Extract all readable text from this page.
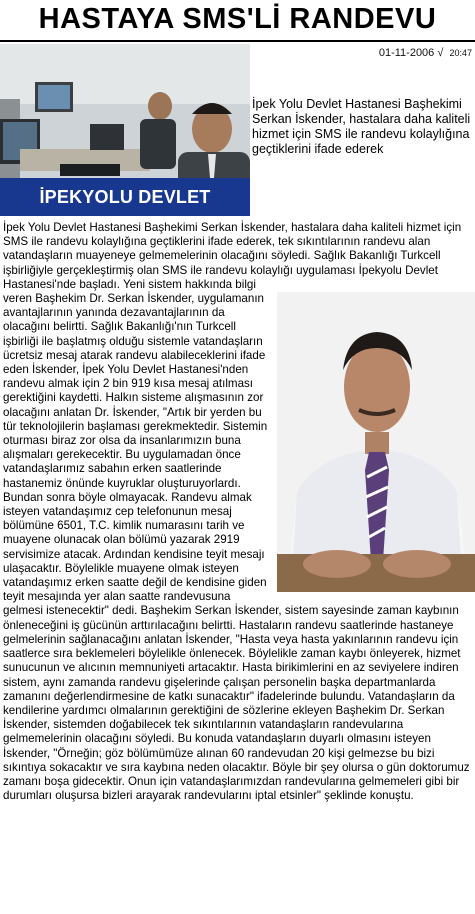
HASTAYA SMS'Lİ RANDEVU
İPEKYOLU DEVLET
01-11-2006 √ 20:47
İpek Yolu Devlet Hastanesi Başhekimi Serkan İskender, hastalara daha kaliteli hizmet için SMS ile randevu kolaylığına geçtiklerini ifade ederek

İpek Yolu Devlet Hastanesi Başhekimi Serkan İskender, hastalara daha kaliteli hizmet için SMS ile randevu kolaylığına geçtiklerini ifade ederek, tek sıkıntılarının randevu alan vatandaşların muayeneye gelmemelerinin olacağını söyledi. Sağlık Bakanlığı Turkcell işbirliğiyle gerçekleştirmiş olan SMS ile randevu kolaylığı uygulaması İpekyolu Devlet Hastanesi'nde başladı. Yeni sistem hakkında bilgi

veren Başhekim Dr. Serkan İskender, uygulamanın avantajlarının yanında dezavantajlarının da olacağını belirtti. Sağlık Bakanlığı'nın Turkcell işbirliği ile başlatmış olduğu sistemle vatandaşların ücretsiz mesaj atarak randevu alabileceklerini ifade eden İskender, İpek Yolu Devlet Hastanesi'nden randevu almak için 2 bin 919 kısa mesaj atılması gerektiğini kaydetti. Halkın sisteme alışmasının zor olacağını anlatan Dr. İskender, "Artık bir yerden bu tür teknolojilerin başlaması gerekmektedir. Sistemin oturması biraz zor olsa da insanlarımızın buna alışmaları gerekecektir. Bu uygulamadan önce vatandaşlarımız sabahın erken saatlerinde hastanemiz önünde kuyruklar oluşturuyorlardı. Bundan sonra böyle olmayacak. Randevu almak isteyen vatandaşımız cep telefonunun mesaj bölümüne 6501, T.C. kimlik numarasını tarih ve muayene olunacak olan bölümü yazarak 2919 servisimize atacak. Ardından kendisine teyit mesajı ulaşacaktır. Böylelikle muayene olmak isteyen vatandaşımız erken saatte değil de kendisine giden teyit mesajında yer alan saatte randevusuna gelmesi istenecektir" dedi. Başhekim Serkan İskender, sistem sayesinde zaman kaybının önleneceğini iş gücünün arttırılacağını belirtti. Hastaların randevu saatlerinde hastaneye gelmelerinin sağlanacağını anlatan İskender, "Hasta veya hasta yakınlarının randevu için saatlerce sıra beklemeleri böylelikle önlenecek. Böylelikle zaman kaybı önleyerek, hizmet sunucunun ve alıcının memnuniyeti artacaktır. Hasta birikimlerini en az seviyelere indiren sistem, aynı zamanda randevu gişelerinde çalışan personelin başka departmanlarda zamanını değerlendirmesine de katkı sunacaktır" ifadelerinde bulundu. Vatandaşların da kendilerine yardımcı olmalarının gerektiğini de sözlerine ekleyen Başhekim Dr. Serkan İskender, sistemden doğabilecek tek sıkıntılarının vatandaşların randevularına gelmemelerinin olacağını söyledi. Bu konuda vatandaşların duyarlı olmasını isteyen İskender, "Örneğin; göz bölümümüze alınan 60 randevudan 20 kişi gelmezse bu bizi sıkıntıya sokacaktır ve sıra kaybına neden olacaktır. Böyle bir şey olursa o gün doktorumuz zamanı boşa gidecektir. Onun için vatandaşlarımızdan randevularına gelmemeleri gibi bir durumları oluşursa bizleri arayarak randevularını iptal etsinler" şeklinde konuştu.
